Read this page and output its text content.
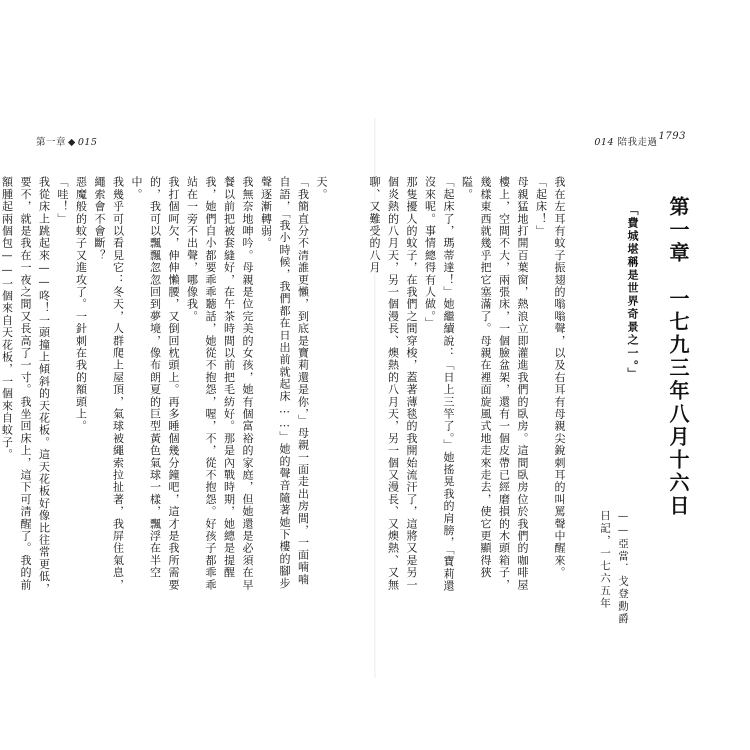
第一章 ◆ 015	014 陪我走過1793
第一章　一七九三年八月十六日
「費城堪稱是世界奇景之一。」
——亞當．戈登勳爵
日記，一七六五年

我在左耳有蚊子振翅的嗡嗡聲，以及右耳有母親尖銳刺耳的叫罵聲中醒來。

「起床！」

母親猛地打開百葉窗，熱浪立即灌進我們的臥房。這間臥房位於我們的咖啡屋樓上，空間不大，兩張床，一個臉盆架，還有一個皮帶已經磨損的木頭箱子，幾樣東西就幾乎把它塞滿了。母親在裡面旋風式地走來走去，使它更顯得狹隘。

「起床了，瑪蒂達！」她繼續說：「日上三竿了。」她搖晃我的肩膀，「寶莉還沒來呢。事情總得有人做。」

那隻擾人的蚊子，在我們之間穿梭，蓋著薄毯的我開始流汗了，這將又是另一個炎熱的八月天，另一個漫長、燠熱的八月天，另一個又漫長、又燠熱、又無聊、又難受的八月

天。

「我簡直分不清誰更懶，到底是寶莉還是你，」母親一面走出房間，一面喃喃自語，「我小時候，我們都在日出前就起床……」她的聲音隨著她下樓的腳步聲逐漸轉弱。

我無奈地呻吟。母親是位完美的女孩，她有個富裕的家庭，但她還是必須在早餐以前把被套縫好，在午茶時間以前把毛紡好。那是內戰時期，她總是提醒我，她們自小都要乖乖聽話，她從不抱怨，喔，不，從不抱怨。好孩子都乖乖站在一旁不出聲，哪像我。

我打個呵欠，伸伸懶腰，又倒回枕頭上。再多睡個幾分鐘吧，這才是我所需要的，我可以飄飄忽忽回到夢境，像布朗夏的巨型黃色氣球一樣，飄浮在半空中。

我幾乎可以看見它：冬天，人群爬上屋頂，氣球被繩索拉扯著，我屏住氣息，繩索會不會斷？

惡魔般的蚊子又進攻了。一針刺在我的額頭上。

「哇！」

我從床上跳起來——咚！一頭撞上傾斜的天花板。這天花板好像比往常更低，要不，就是我在一夜之間又長高了一寸。我坐回床上，這下可清醒了。我的前額腫起兩個包——一個來自天花板，一個來自蚊子。
